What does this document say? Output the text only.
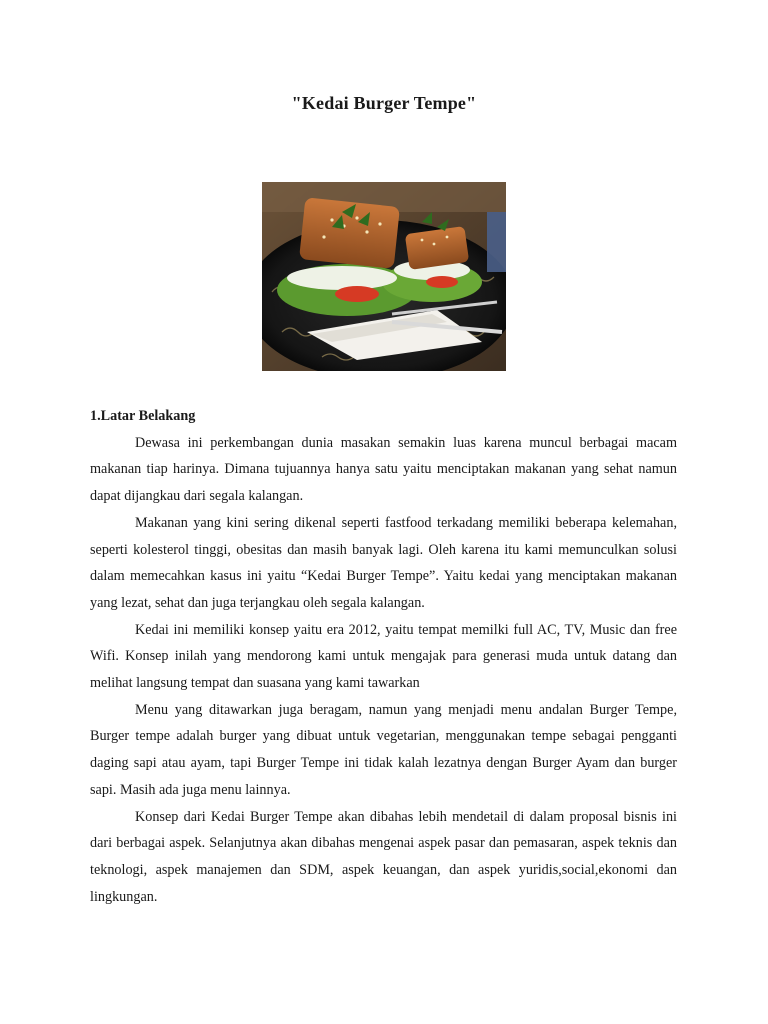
"Kedai Burger Tempe"

1.Latar Belakang

Dewasa ini perkembangan dunia masakan semakin luas karena muncul berbagai macam makanan tiap harinya. Dimana tujuannya hanya satu yaitu menciptakan makanan yang sehat namun dapat dijangkau dari segala kalangan.

Makanan yang kini sering dikenal seperti fastfood terkadang memiliki beberapa kelemahan, seperti kolesterol tinggi, obesitas dan masih banyak lagi. Oleh karena itu kami memunculkan solusi dalam memecahkan kasus ini yaitu “Kedai Burger Tempe”. Yaitu kedai yang menciptakan makanan yang lezat, sehat dan juga terjangkau oleh segala kalangan.

Kedai ini memiliki konsep yaitu era 2012, yaitu tempat memilki full AC, TV, Music dan free Wifi. Konsep inilah yang mendorong kami untuk mengajak para generasi muda untuk datang dan melihat langsung tempat dan suasana yang kami tawarkan

Menu yang ditawarkan juga beragam, namun yang menjadi menu andalan Burger Tempe, Burger tempe adalah burger yang dibuat untuk vegetarian, menggunakan tempe sebagai pengganti daging sapi atau ayam, tapi Burger Tempe ini tidak kalah lezatnya dengan Burger Ayam dan burger sapi. Masih ada juga menu lainnya.

Konsep dari Kedai Burger Tempe akan dibahas lebih mendetail di dalam proposal bisnis ini dari berbagai aspek. Selanjutnya akan dibahas mengenai aspek pasar dan pemasaran, aspek teknis dan teknologi, aspek manajemen dan SDM, aspek keuangan, dan aspek yuridis,social,ekonomi dan lingkungan.
